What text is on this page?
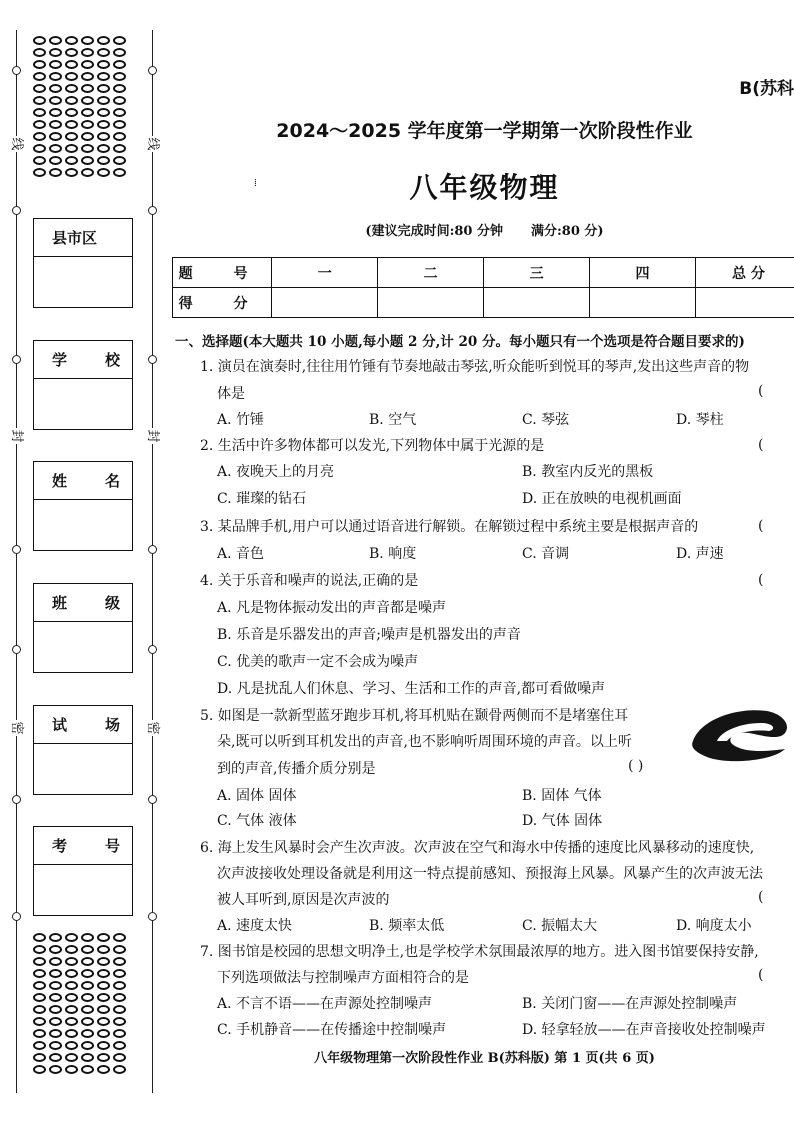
线
封
密
线
封
密
县市区
学	校
姓	名
班	级
试	场
考	号
B(苏科
2024～2025 学年度第一学期第一次阶段性作业
⁞	八年级物理
(建议完成时间:80 分钟 满分:80 分)
题 号	一	二	三	四	总 分
得 分					
一、选择题(本大题共 10 小题,每小题 2 分,计 20 分。每小题只有一个选项是符合题目要求的)
1. 演员在演奏时,往往用竹锤有节奏地敲击琴弦,听众能听到悦耳的琴声,发出这些声音的物
体是	(
A. 竹锤	B. 空气	C. 琴弦	D. 琴柱
2. 生活中许多物体都可以发光,下列物体中属于光源的是	(
A. 夜晚天上的月亮	B. 教室内反光的黑板
C. 璀璨的钻石	D. 正在放映的电视机画面
3. 某品牌手机,用户可以通过语音进行解锁。在解锁过程中系统主要是根据声音的	(
A. 音色	B. 响度	C. 音调	D. 声速
4. 关于乐音和噪声的说法,正确的是	(
A. 凡是物体振动发出的声音都是噪声
B. 乐音是乐器发出的声音;噪声是机器发出的声音
C. 优美的歌声一定不会成为噪声
D. 凡是扰乱人们休息、学习、生活和工作的声音,都可看做噪声
5. 如图是一款新型蓝牙跑步耳机,将耳机贴在颞骨两侧而不是堵塞住耳
朵,既可以听到耳机发出的声音,也不影响听周围环境的声音。以上听
到的声音,传播介质分别是	( )
A. 固体 固体	B. 固体 气体
C. 气体 液体	D. 气体 固体
6. 海上发生风暴时会产生次声波。次声波在空气和海水中传播的速度比风暴移动的速度快,
次声波接收处理设备就是利用这一特点提前感知、预报海上风暴。风暴产生的次声波无法
被人耳听到,原因是次声波的	(
A. 速度太快	B. 频率太低	C. 振幅太大	D. 响度太小
7. 图书馆是校园的思想文明净土,也是学校学术氛围最浓厚的地方。进入图书馆要保持安静,
下列选项做法与控制噪声方面相符合的是	(
A. 不言不语——在声源处控制噪声	B. 关闭门窗——在声源处控制噪声
C. 手机静音——在传播途中控制噪声	D. 轻拿轻放——在声音接收处控制噪声
八年级物理第一次阶段性作业 B(苏科版) 第 1 页(共 6 页)
